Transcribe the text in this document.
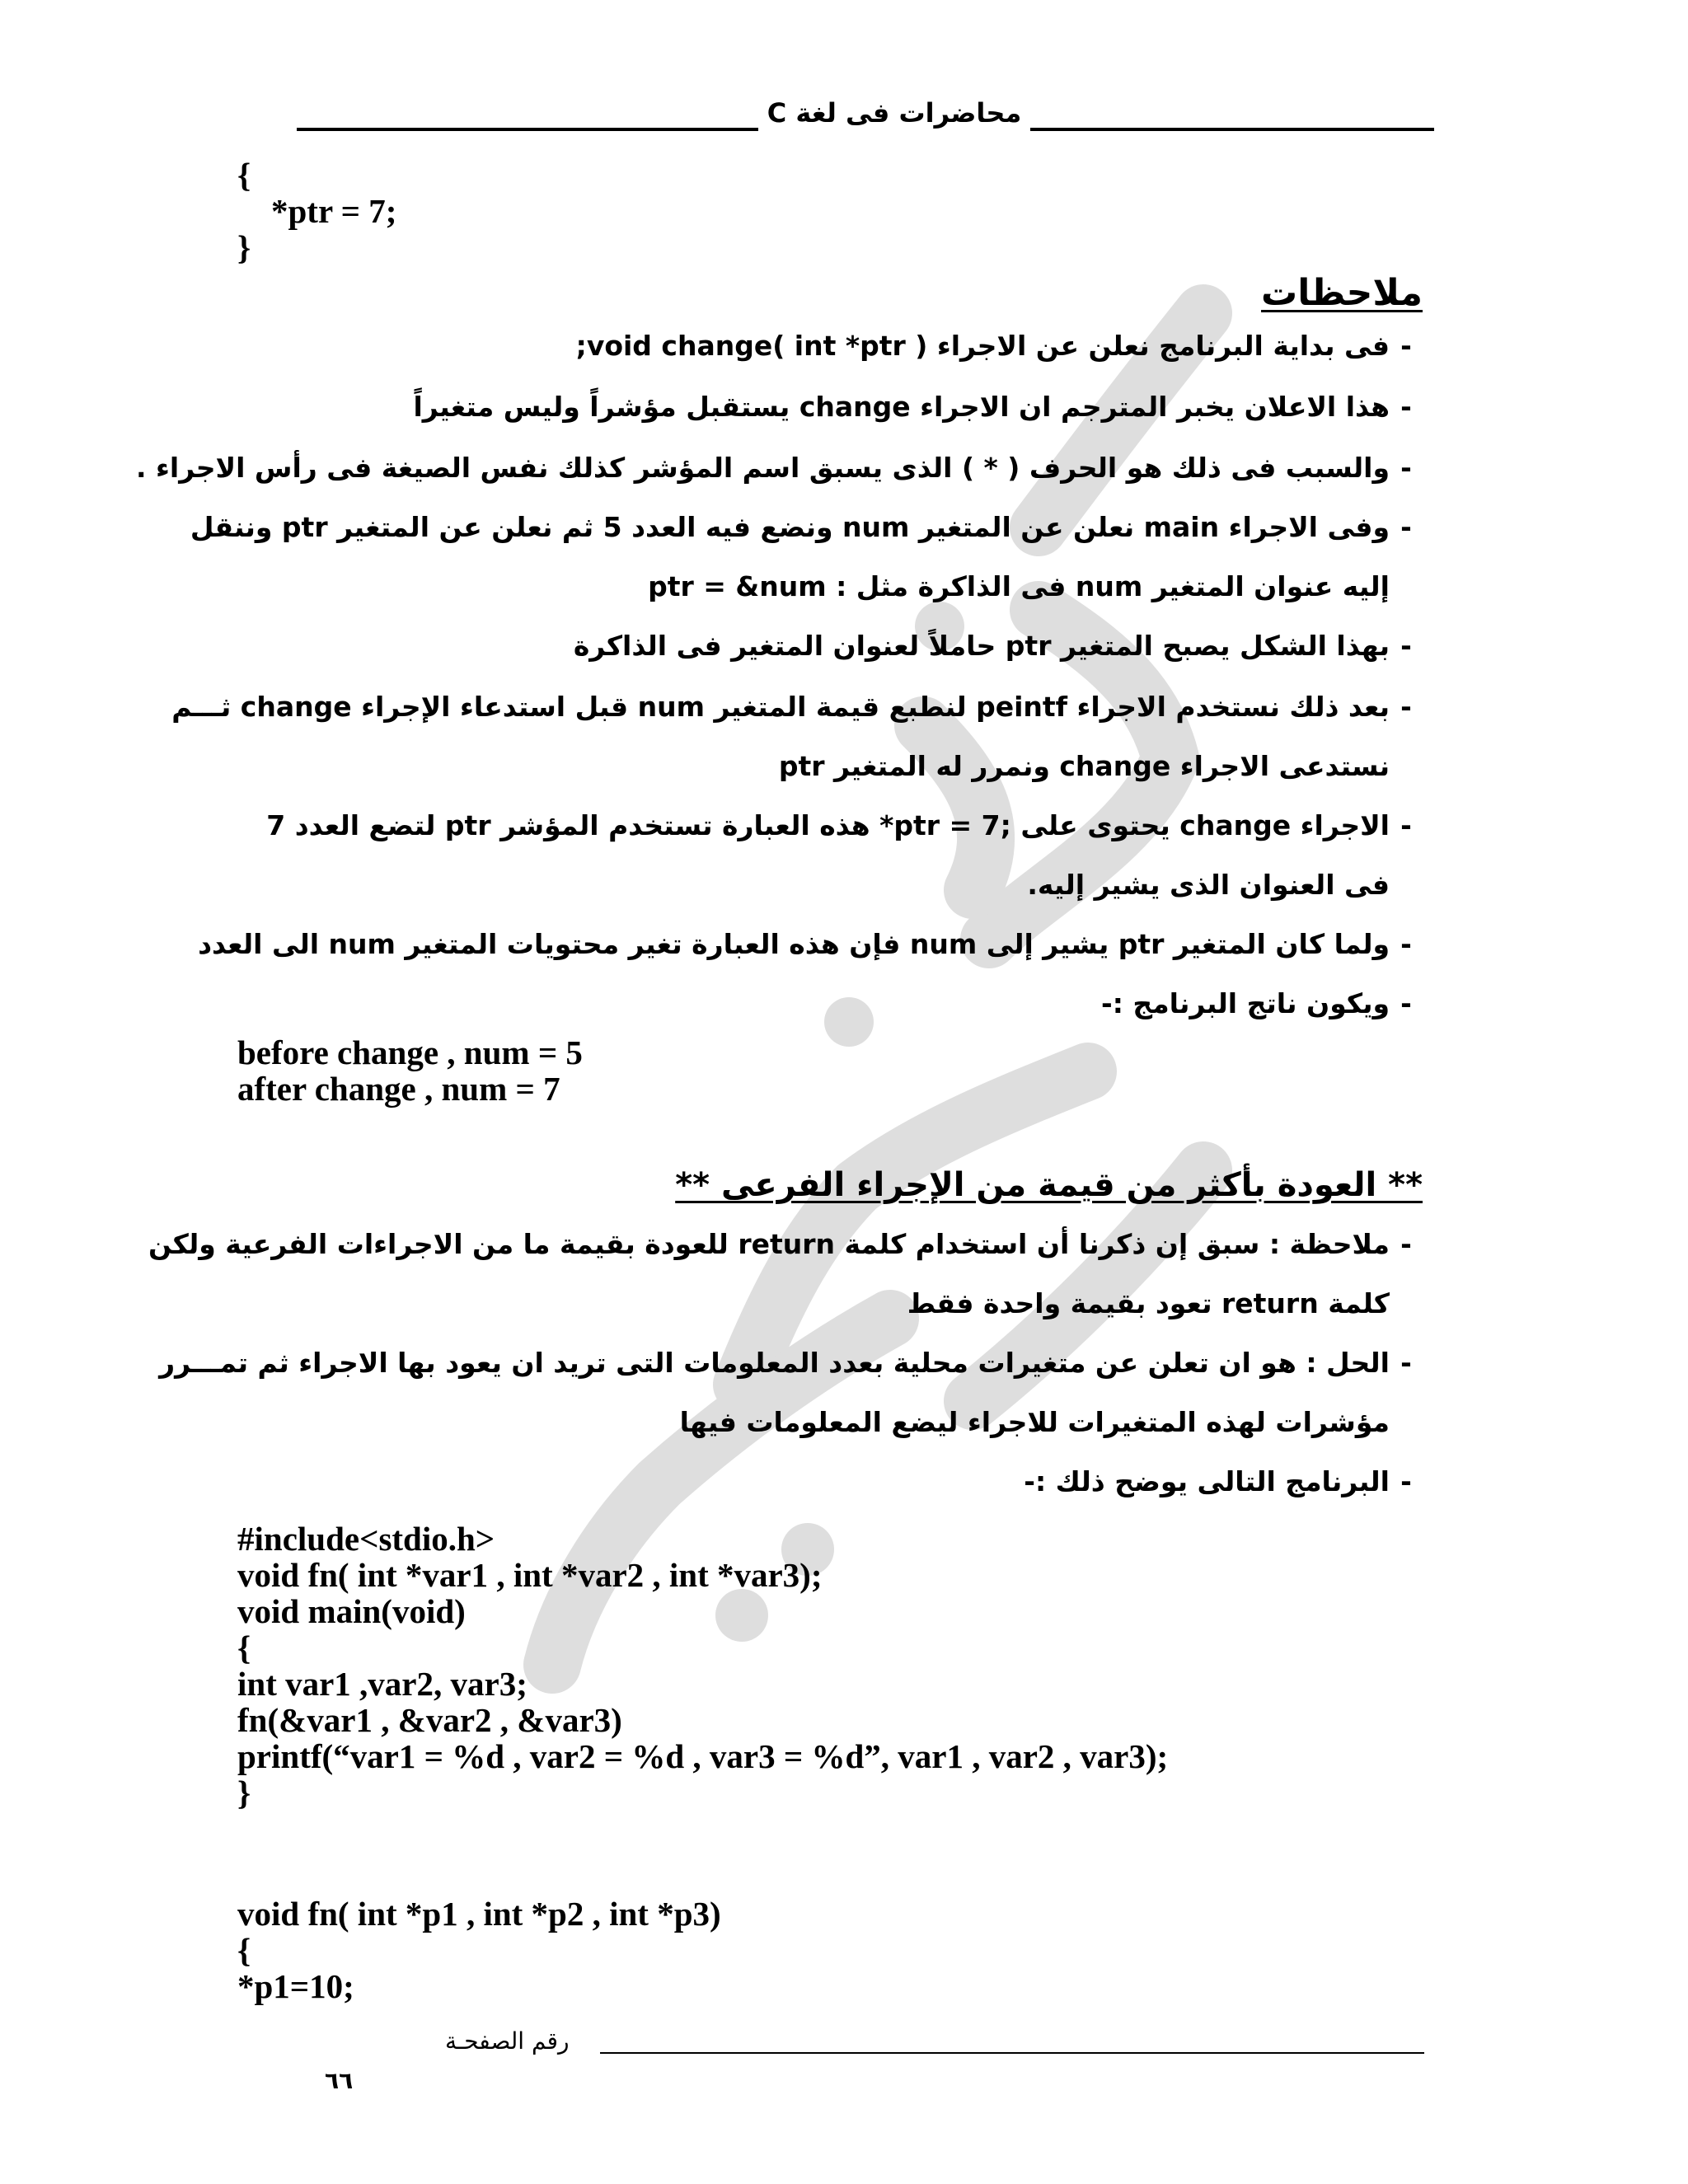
محاضرات فى لغة C
{
*ptr = 7;
}
ملاحظات
-فى بداية البرنامج نعلن عن الاجراء void change( int *ptr );
-هذا الاعلان يخبر المترجم ان الاجراء change يستقبل مؤشراً وليس متغيراً
-والسبب فى ذلك هو الحرف ( * ) الذى يسبق اسم المؤشر كذلك نفس الصيغة فى رأس الاجراء .
-وفى الاجراء main نعلن عن المتغير num ونضع فيه العدد 5 ثم نعلن عن المتغير ptr وننقل
إليه عنوان المتغير num فى الذاكرة مثل : ptr = &num
-بهذا الشكل يصبح المتغير ptr حاملاً لعنوان المتغير فى الذاكرة
-بعد ذلك نستخدم الاجراء peintf لنطبع قيمة المتغير num قبل استدعاء الإجراء change ثـــم
نستدعى الاجراء change ونمرر له المتغير ptr
-الاجراء change يحتوى على ;7 = ptr* هذه العبارة تستخدم المؤشر ptr لتضع العدد 7
فى العنوان الذى يشير إليه.
-ولما كان المتغير ptr يشير إلى num فإن هذه العبارة تغير محتويات المتغير num الى العدد
-ويكون ناتج البرنامج :-
before change , num = 5
after change , num = 7
** العودة بأكثر من قيمة من الإجراء الفرعى **
-ملاحظة : سبق إن ذكرنا أن استخدام كلمة return للعودة بقيمة ما من الاجراءات الفرعية ولكن
كلمة return تعود بقيمة واحدة فقط
-الحل : هو ان تعلن عن متغيرات محلية بعدد المعلومات التى تريد ان يعود بها الاجراء ثم تمـــرر
مؤشرات لهذه المتغيرات للاجراء ليضع المعلومات فيها
-البرنامج التالى يوضح ذلك :-
#include<stdio.h>
void fn( int *var1 , int *var2 , int *var3);
void main(void)
{
int var1 ,var2, var3;
fn(&var1 , &var2 , &var3)
printf(“var1 = %d , var2 = %d , var3 = %d”, var1 , var2 , var3);
}
void fn( int *p1 , int *p2 , int *p3)
{
*p1=10;
رقم الصفحـة
٦٦
